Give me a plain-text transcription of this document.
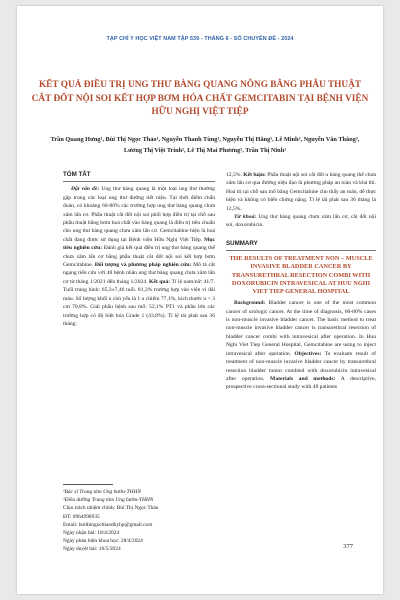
TẠP CHÍ Y HỌC VIỆT NAM TẬP 539 - THÁNG 6 - SỐ CHUYÊN ĐỀ - 2024
KẾT QUẢ ĐIỀU TRỊ UNG THƯ BÀNG QUANG NÔNG BẰNG PHẪU THUẬT CẮT ĐỐT NỘI SOI KẾT HỢP BƠM HÓA CHẤT GEMCITABIN TẠI BỆNH VIỆN HỮU NGHỊ VIỆT TIỆP
Trần Quang Hưng¹, Bùi Thị Ngọc Thảo¹, Nguyễn Thanh Tùng¹, Nguyễn Thị Hằng¹, Lê Minh², Nguyễn Văn Thắng², Lương Thị Việt Trinh², Lê Thị Mai Phương², Trần Thị Ninh²
TÓM TẮT

Đặt vấn đề: Ung thư bàng quang là một loại ung thư thường gặp trong các loại ung thư đường tiết niệu. Tại thời điểm chẩn đoán, có khoảng 60-80% các trường hợp ung thư bàng quang chưa xâm lấn cơ. Phẫu thuật cắt đốt nội soi phối hợp điều trị tại chỗ sau phẫu thuật bằng bơm hoá chất vào bàng quang là điều trị tiêu chuẩn cho ung thư bàng quang chưa xâm lấn cơ. Gemcitabine hiện là hoá chất đang được sử dụng tại Bệnh viện Hữu Nghị Việt Tiệp. Mục tiêu nghiên cứu: Đánh giá kết quả điều trị ung thư bàng quang thể chưa xâm lấn cơ bằng phẫu thuật cắt đốt nội soi kết hợp bơm Gemcitabine. Đối tượng và phương pháp nghiên cứu: Mô tả cắt ngang tiến cứu với 48 bệnh nhân ung thư bàng quang chưa xâm lấn cơ từ tháng 1/2021 đến tháng 1/2024. Kết quả: Tỉ lệ nam/nữ: 41/7. Tuổi trung bình: 65,3±7,46 tuổi. 81,3% trường hợp vào viện vì đái máu. Số lượng khối u chủ yếu là 1 u chiếm 77,1%, kích thước u < 3 cm 70,8%. Giải phẫu bệnh sau mổ: 52,1% PT1 và phần lớn các trường hợp có độ biệt hóa Grade 1 (43,8%). Tỉ lệ tái phát sau 36 tháng:

¹Bác sĩ Trung tâm Ung bướu-THHN
²Điều dưỡng Trung tâm Ung bướu-THHN
Chịu trách nhiệm chính: Bùi Thị Ngọc Thảo
ĐT: 0964998935
Email: buithingocthaodhyhp@gmail.com
Ngày nhận bài: 18/4/2024
Ngày phản biện khoa học: 28/4/2024
Ngày duyệt bài: 16/5/2024

12,5%. Kết luận: Phẫu thuật nội soi cắt đốt u bàng quang thể chưa xâm lấn cơ qua đường niệu đạo là phương pháp an toàn và khả thi. Hoá trị tại chỗ sau mổ bằng Gemcitabine cho thấy an toàn, dễ thực hiện và không có biến chứng nặng. Tỉ lệ tái phát sau 36 tháng là 12,5%.

Từ khoá: Ung thư bàng quang chưa xâm lấn cơ, cắt đốt nội soi, doxorubicin.

SUMMARY
THE RESULTS OF TREATMENT NON – MUSCLE INVASIVE BLADDER CANCER BY TRANSURETHRAL RESECTION COMBI WITH DOXORUBICIN INTRAVESICAL AT HUU NGHI VIET TIEP GENERAL HOSPITAL

Background: Bladder cancer is one of the most common cancer of urologic cancer. At the time of diagnosis, 60-80% cases is non-muscle invasive bladder cancer. The basic method to treat non-muscle invasive bladder cancer is transurethral resection of bladder cancer combi with intravesical after operation. In Huu Nghi Viet Tiep General Hospital, Gemcitabine are using to inject intravesical after operation. Objectives: To evaluate result of treatment of non-muscle invasive bladder cancer by transurethral resection bladder tumor combied with doxorubicin intravesical after operation. Materials and methods: A descriptive, prospective cross-sectional study with 48 patients

377
